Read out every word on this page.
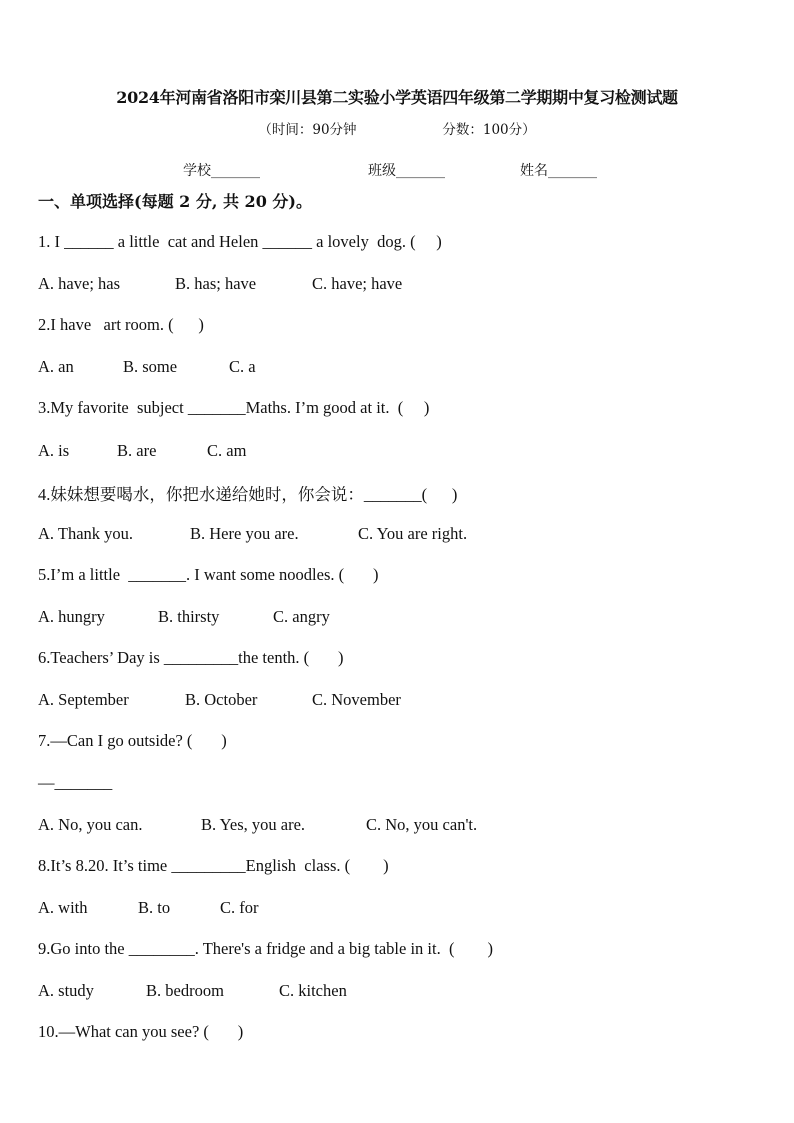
2024年河南省洛阳市栾川县第二实验小学英语四年级第二学期期中复习检测试题
（时间：90分钟                    分数：100分）
学校_______	班级_______	姓名_______
一、单项选择(每题 2 分, 共 20 分)。
1. I ______ a little  cat and Helen ______ a lovely  dog. (     )
A. have; has	B. has; have	C. have; have
2.I have   art room. (      )
A. an	B. some	C. a
3.My favorite  subject _______Maths. I’m good at it.  (     )
A. is	B. are	C. am
4.妹妹想要喝水，你把水递给她时，你会说：_______(      )
A. Thank you.	B. Here you are.	C. You are right.
5.I’m a little  _______. I want some noodles. (       )
A. hungry	B. thirsty	C. angry
6.Teachers’ Day is _________the tenth. (       )
A. September	B. October	C. November
7.—Can I go outside? (       )
—_______
A. No, you can.	B. Yes, you are.	C. No, you can't.
8.It’s 8.20. It’s time _________English  class. (        )
A. with	B. to	C. for
9.Go into the ________. There's a fridge and a big table in it.  (        )
A. study	B. bedroom	C. kitchen
10.—What can you see? (       )
